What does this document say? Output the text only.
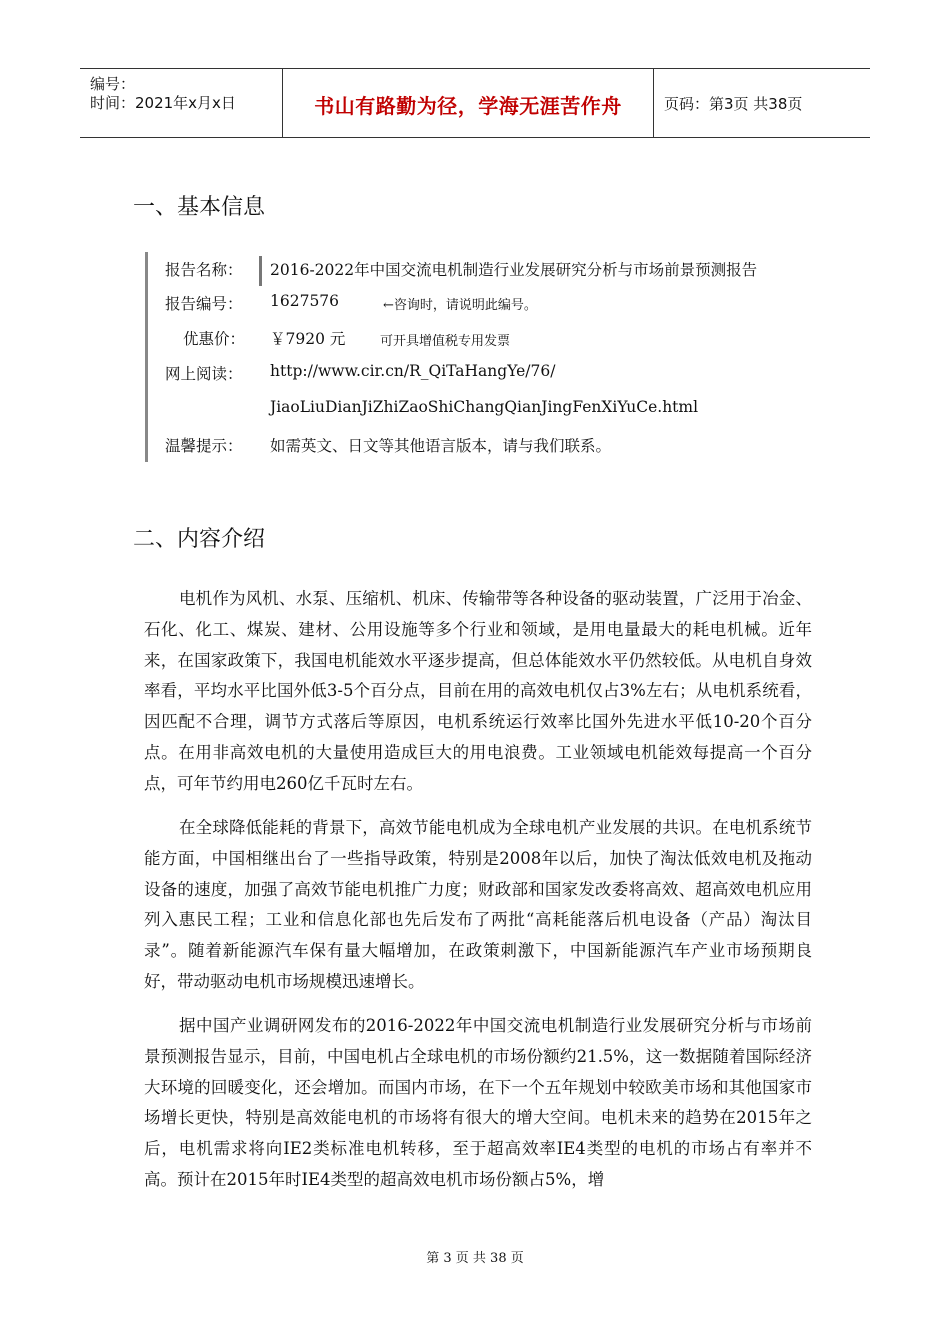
编号：
时间：2021年x月x日	书山有路勤为径，学海无涯苦作舟	页码：第3页 共38页
一、基本信息
报告名称： 2016-2022年中国交流电机制造行业发展研究分析与市场前景预测报告
报告编号： 1627576	←咨询时，请说明此编号。
优惠价： ￥7920 元	可开具增值税专用发票
网上阅读： http://www.cir.cn/R_QiTaHangYe/76/
JiaoLiuDianJiZhiZaoShiChangQianJingFenXiYuCe.html
温馨提示： 如需英文、日文等其他语言版本，请与我们联系。
二、内容介绍

电机作为风机、水泵、压缩机、机床、传输带等各种设备的驱动装置，广泛用于冶金、石化、化工、煤炭、建材、公用设施等多个行业和领域，是用电量最大的耗电机械。近年来，在国家政策下，我国电机能效水平逐步提高，但总体能效水平仍然较低。从电机自身效率看，平均水平比国外低3-5个百分点，目前在用的高效电机仅占3%左右；从电机系统看，因匹配不合理，调节方式落后等原因，电机系统运行效率比国外先进水平低10-20个百分点。在用非高效电机的大量使用造成巨大的用电浪费。工业领域电机能效每提高一个百分点，可年节约用电260亿千瓦时左右。

在全球降低能耗的背景下，高效节能电机成为全球电机产业发展的共识。在电机系统节能方面，中国相继出台了一些指导政策，特别是2008年以后，加快了淘汰低效电机及拖动设备的速度，加强了高效节能电机推广力度；财政部和国家发改委将高效、超高效电机应用列入惠民工程；工业和信息化部也先后发布了两批“高耗能落后机电设备（产品）淘汰目录”。随着新能源汽车保有量大幅增加，在政策刺激下，中国新能源汽车产业市场预期良好，带动驱动电机市场规模迅速增长。

据中国产业调研网发布的2016-2022年中国交流电机制造行业发展研究分析与市场前景预测报告显示，目前，中国电机占全球电机的市场份额约21.5%，这一数据随着国际经济大环境的回暖变化，还会增加。而国内市场，在下一个五年规划中较欧美市场和其他国家市场增长更快，特别是高效能电机的市场将有很大的增大空间。电机未来的趋势在2015年之后，电机需求将向IE2类标准电机转移，至于超高效率IE4类型的电机的市场占有率并不高。预计在2015年时IE4类型的超高效电机市场份额占5%，增

第 3 页 共 38 页
